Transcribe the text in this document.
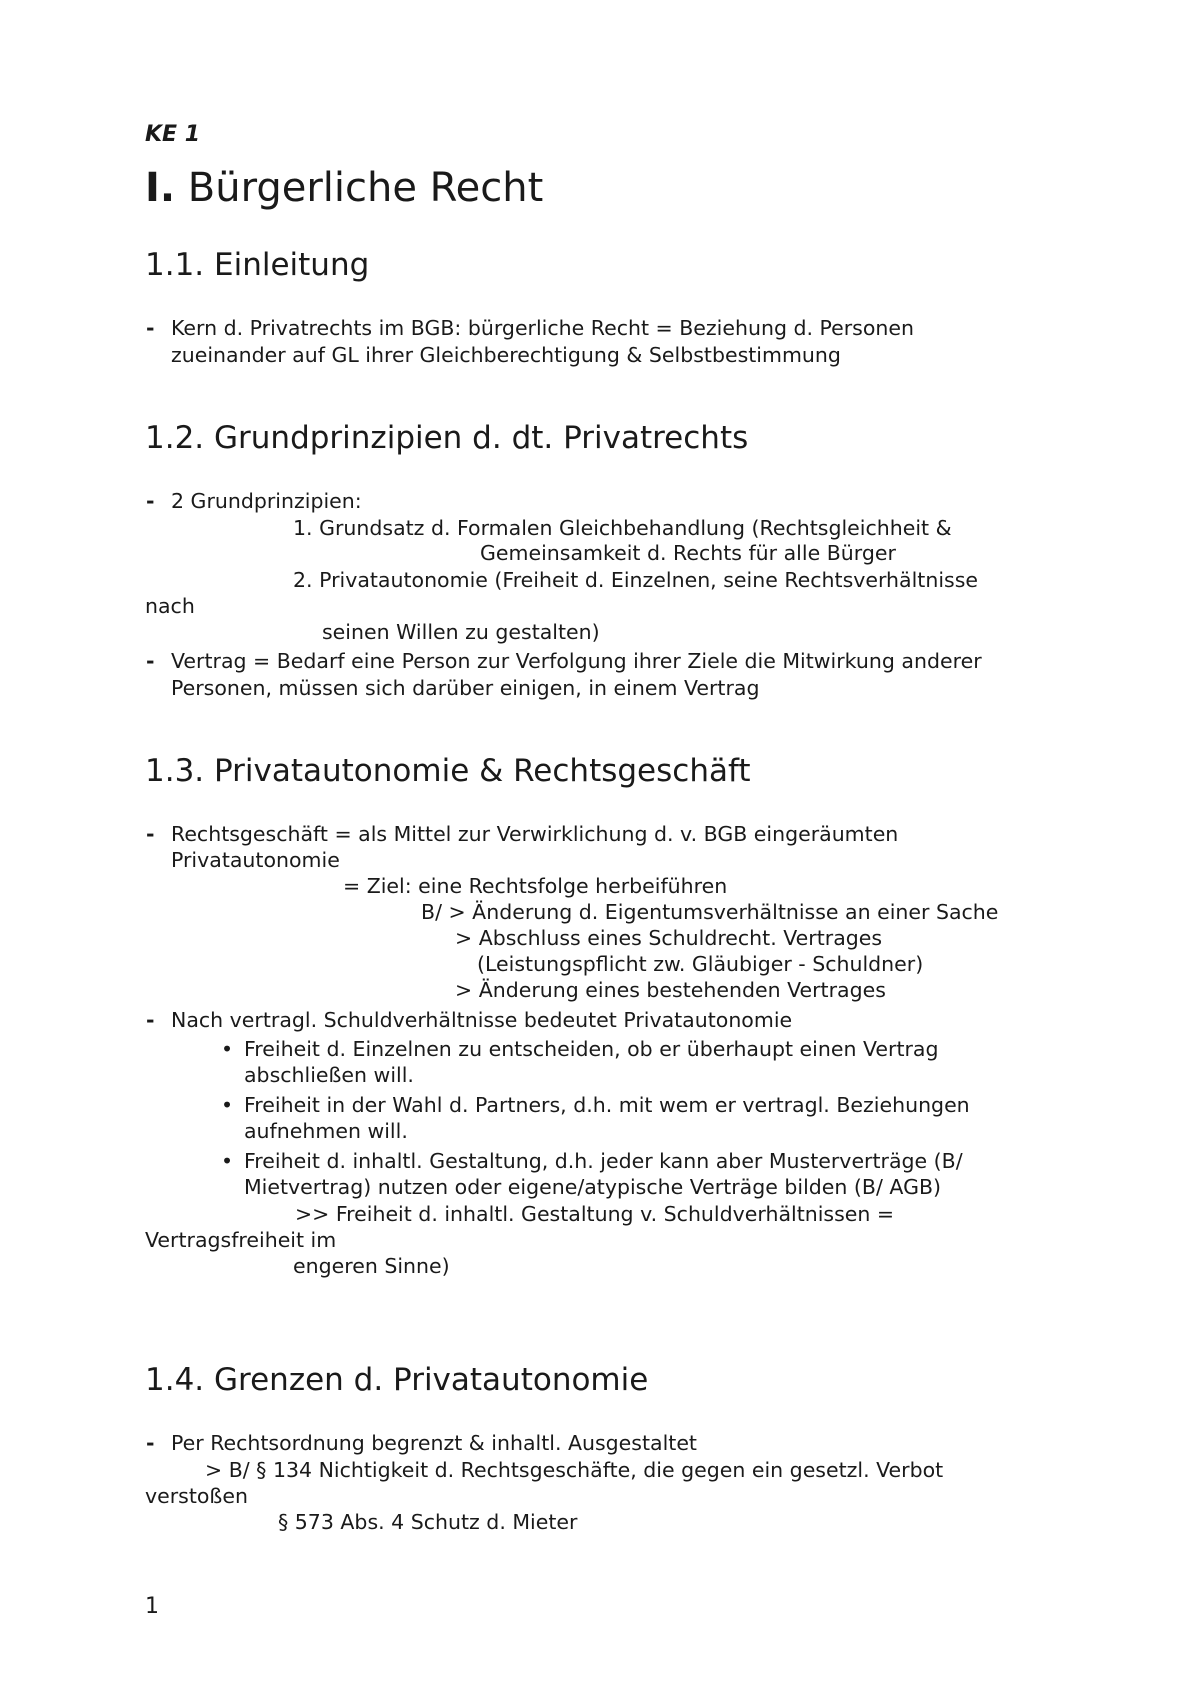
KE 1

I. Bürgerliche Recht

1.1. Einleitung

- Kern d. Privatrechts im BGB: bürgerliche Recht = Beziehung d. Personen

zueinander auf GL ihrer Gleichberechtigung & Selbstbestimmung

1.2. Grundprinzipien d. dt. Privatrechts

- 2 Grundprinzipien:

1. Grundsatz d. Formalen Gleichbehandlung (Rechtsgleichheit &

Gemeinsamkeit d. Rechts für alle Bürger

2. Privatautonomie (Freiheit d. Einzelnen, seine Rechtsverhältnisse

nach

seinen Willen zu gestalten)

- Vertrag = Bedarf eine Person zur Verfolgung ihrer Ziele die Mitwirkung anderer

Personen, müssen sich darüber einigen, in einem Vertrag

1.3. Privatautonomie & Rechtsgeschäft

- Rechtsgeschäft = als Mittel zur Verwirklichung d. v. BGB eingeräumten

Privatautonomie

= Ziel: eine Rechtsfolge herbeiführen

B/ > Änderung d. Eigentumsverhältnisse an einer Sache

> Abschluss eines Schuldrecht. Vertrages

(Leistungspflicht zw. Gläubiger - Schuldner)

> Änderung eines bestehenden Vertrages

- Nach vertragl. Schuldverhältnisse bedeutet Privatautonomie

• Freiheit d. Einzelnen zu entscheiden, ob er überhaupt einen Vertrag

abschließen will.

• Freiheit in der Wahl d. Partners, d.h. mit wem er vertragl. Beziehungen

aufnehmen will.

• Freiheit d. inhaltl. Gestaltung, d.h. jeder kann aber Musterverträge (B/

Mietvertrag) nutzen oder eigene/atypische Verträge bilden (B/ AGB)

>> Freiheit d. inhaltl. Gestaltung v. Schuldverhältnissen =

Vertragsfreiheit im

engeren Sinne)

1.4. Grenzen d. Privatautonomie

- Per Rechtsordnung begrenzt & inhaltl. Ausgestaltet

> B/ § 134 Nichtigkeit d. Rechtsgeschäfte, die gegen ein gesetzl. Verbot

verstoßen

§ 573 Abs. 4 Schutz d. Mieter

1
